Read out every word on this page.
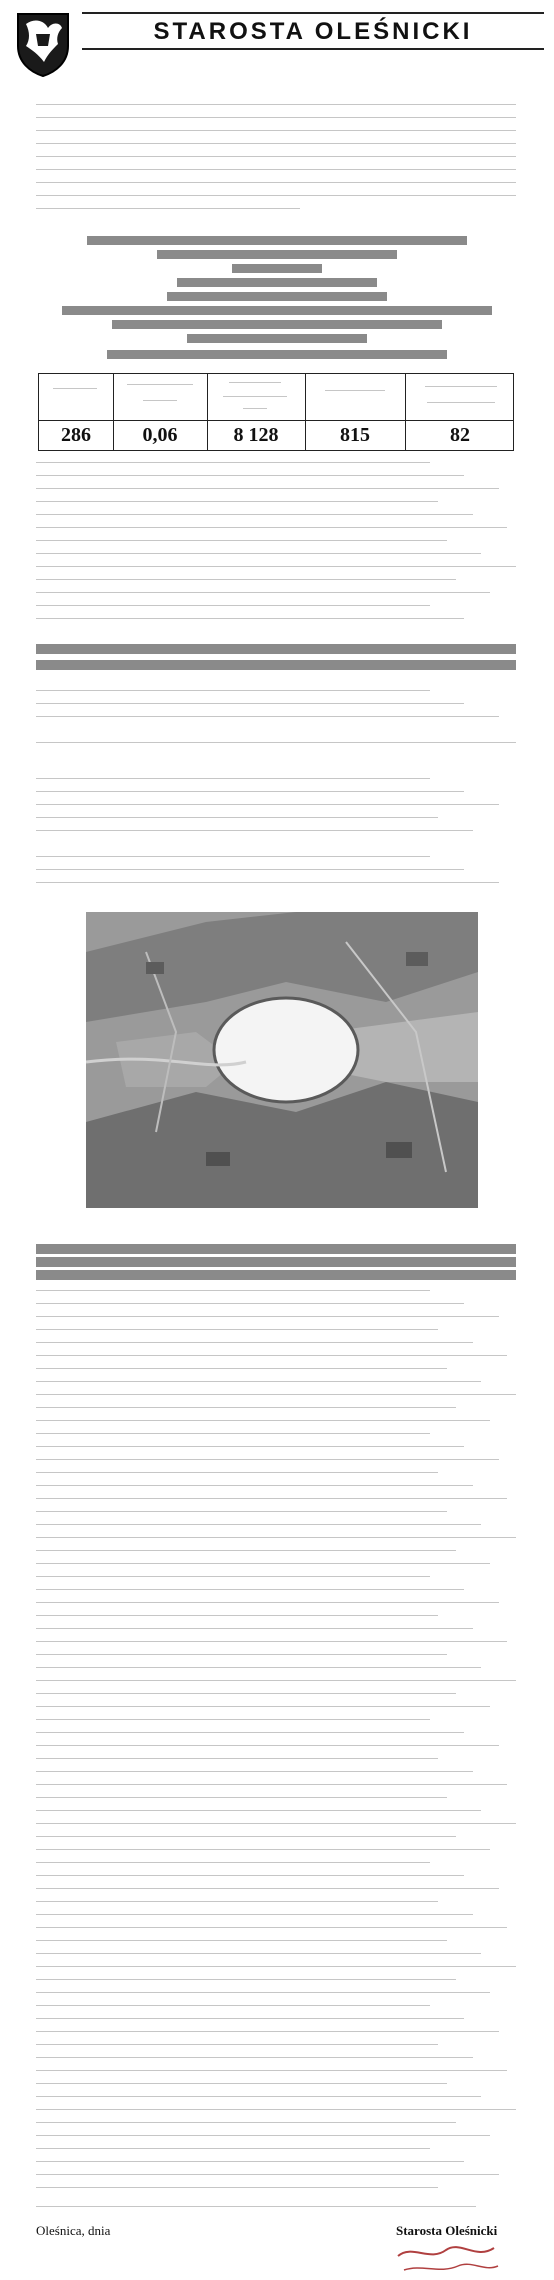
STAROSTA OLEŚNICKI
286	0,06	8 128	815	82
Oleśnica, dnia	Starosta Oleśnicki
